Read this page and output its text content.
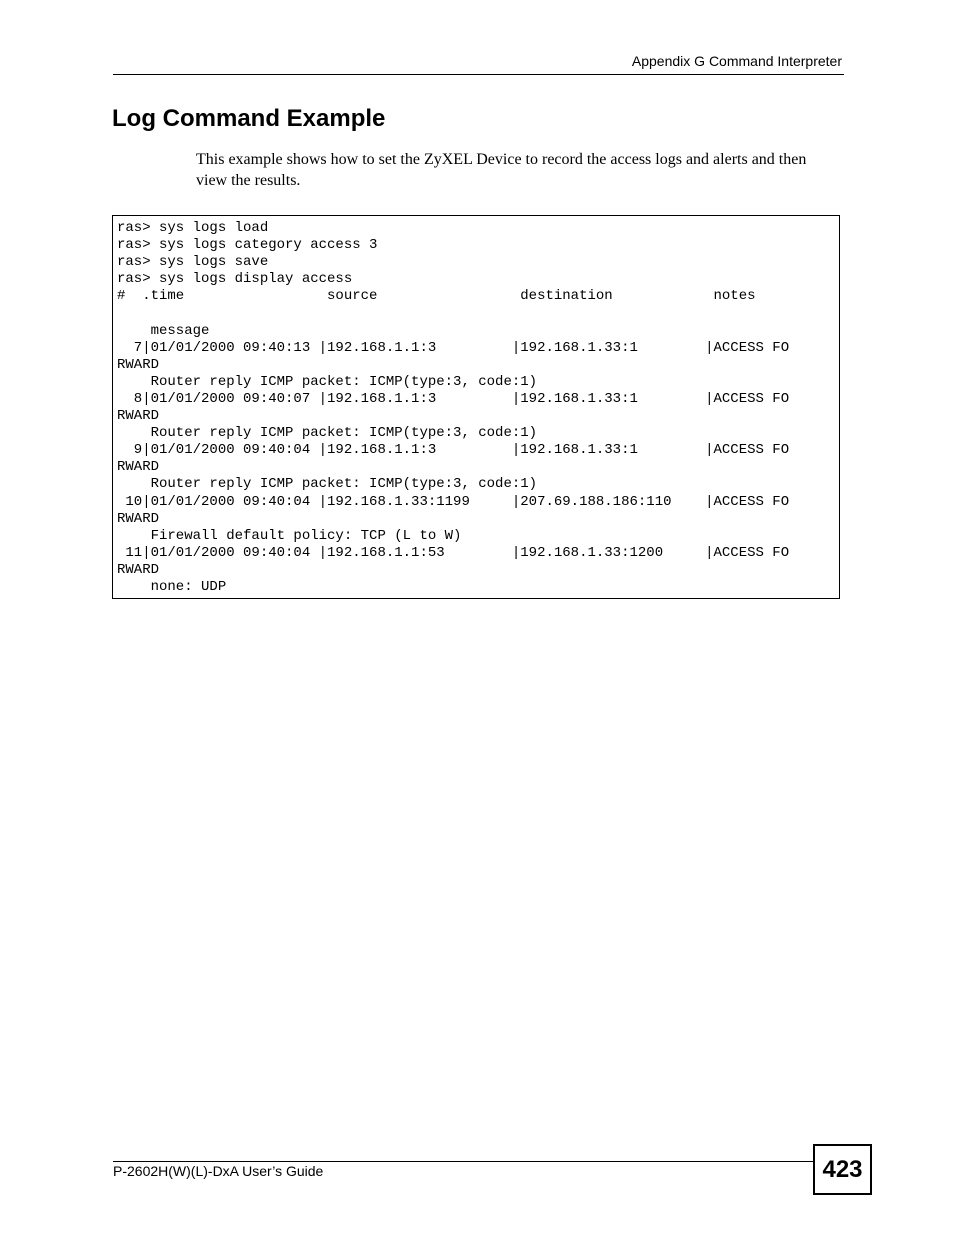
Appendix G Command Interpreter
Log Command Example

This example shows how to set the ZyXEL Device to record the access logs and alerts and then view the results.

ras> sys logs load
ras> sys logs category access 3
ras> sys logs save
ras> sys logs display access
#  .time                 source                 destination            notes
message
7|01/01/2000 09:40:13 |192.168.1.1:3         |192.168.1.33:1        |ACCESS FO
RWARD
Router reply ICMP packet: ICMP(type:3, code:1)
8|01/01/2000 09:40:07 |192.168.1.1:3         |192.168.1.33:1        |ACCESS FO
RWARD
Router reply ICMP packet: ICMP(type:3, code:1)
9|01/01/2000 09:40:04 |192.168.1.1:3         |192.168.1.33:1        |ACCESS FO
RWARD
Router reply ICMP packet: ICMP(type:3, code:1)
10|01/01/2000 09:40:04 |192.168.1.33:1199     |207.69.188.186:110    |ACCESS FO
RWARD
Firewall default policy: TCP (L to W)
11|01/01/2000 09:40:04 |192.168.1.1:53        |192.168.1.33:1200     |ACCESS FO
RWARD
none: UDP
P-2602H(W)(L)-DxA User’s Guide	423
